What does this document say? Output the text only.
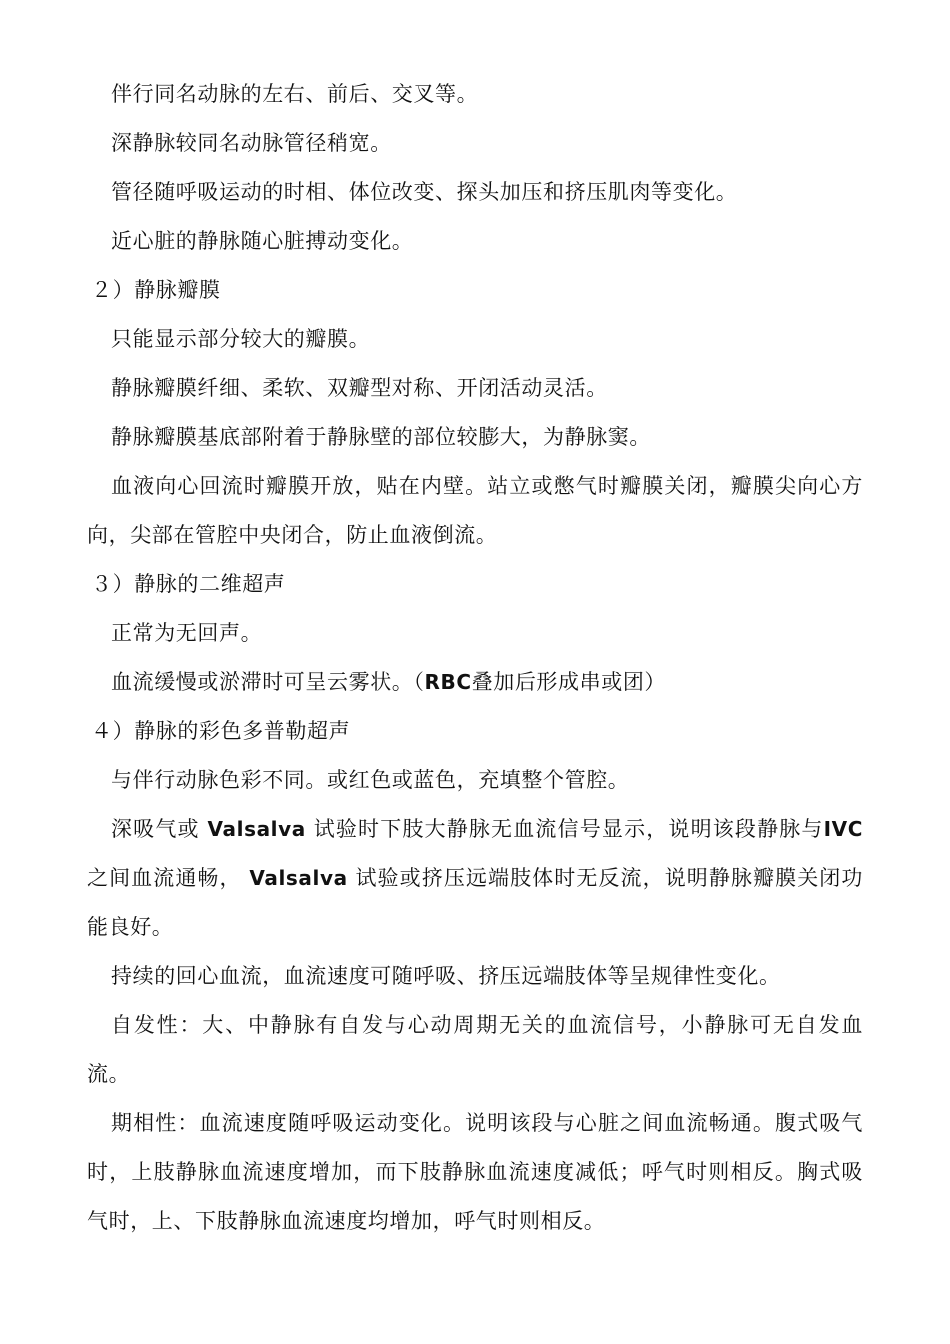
伴行同名动脉的左右、前后、交叉等。

深静脉较同名动脉管径稍宽。

管径随呼吸运动的时相、体位改变、探头加压和挤压肌肉等变化。

近心脏的静脉随心脏搏动变化。

２）静脉瓣膜

只能显示部分较大的瓣膜。

静脉瓣膜纤细、柔软、双瓣型对称、开闭活动灵活。

静脉瓣膜基底部附着于静脉壁的部位较膨大，为静脉窦。

血液向心回流时瓣膜开放，贴在内壁。站立或憋气时瓣膜关闭，瓣膜尖向心方向，尖部在管腔中央闭合，防止血液倒流。

３）静脉的二维超声

正常为无回声。

血流缓慢或淤滞时可呈云雾状。（RBC叠加后形成串或团）

４）静脉的彩色多普勒超声

与伴行动脉色彩不同。或红色或蓝色，充填整个管腔。

深吸气或 Valsalva 试验时下肢大静脉无血流信号显示，说明该段静脉与IVC之间血流通畅， Valsalva 试验或挤压远端肢体时无反流，说明静脉瓣膜关闭功能良好。

持续的回心血流，血流速度可随呼吸、挤压远端肢体等呈规律性变化。

自发性：大、中静脉有自发与心动周期无关的血流信号，小静脉可无自发血流。

期相性：血流速度随呼吸运动变化。说明该段与心脏之间血流畅通。腹式吸气时，上肢静脉血流速度增加，而下肢静脉血流速度减低；呼气时则相反。胸式吸气时，上、下肢静脉血流速度均增加，呼气时则相反。
